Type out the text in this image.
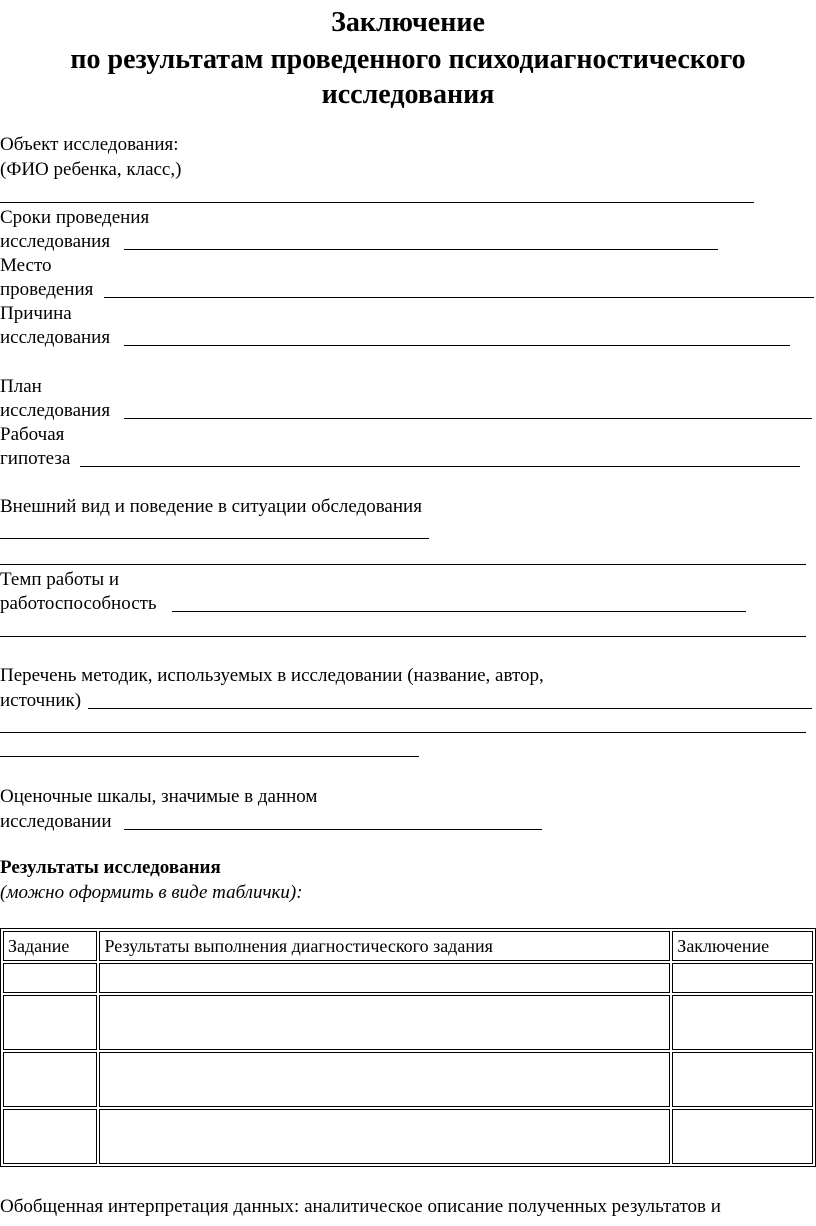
Заключение
по результатам проведенного психодиагностического
исследования
Объект исследования:
(ФИО ребенка, класс,)
Сроки проведения
исследования
Место
проведения
Причина
исследования
План
исследования
Рабочая
гипотеза
Внешний вид и поведение в ситуации обследования
Темп работы и
работоспособность
Перечень методик, используемых в исследовании (название, автор,
источник)
Оценочные шкалы, значимые в данном
исследовании
Результаты исследования
(можно оформить в виде таблички):
Задание	Результаты выполнения диагностического задания	Заключение

Обобщенная интерпретация данных: аналитическое описание полученных результатов и
